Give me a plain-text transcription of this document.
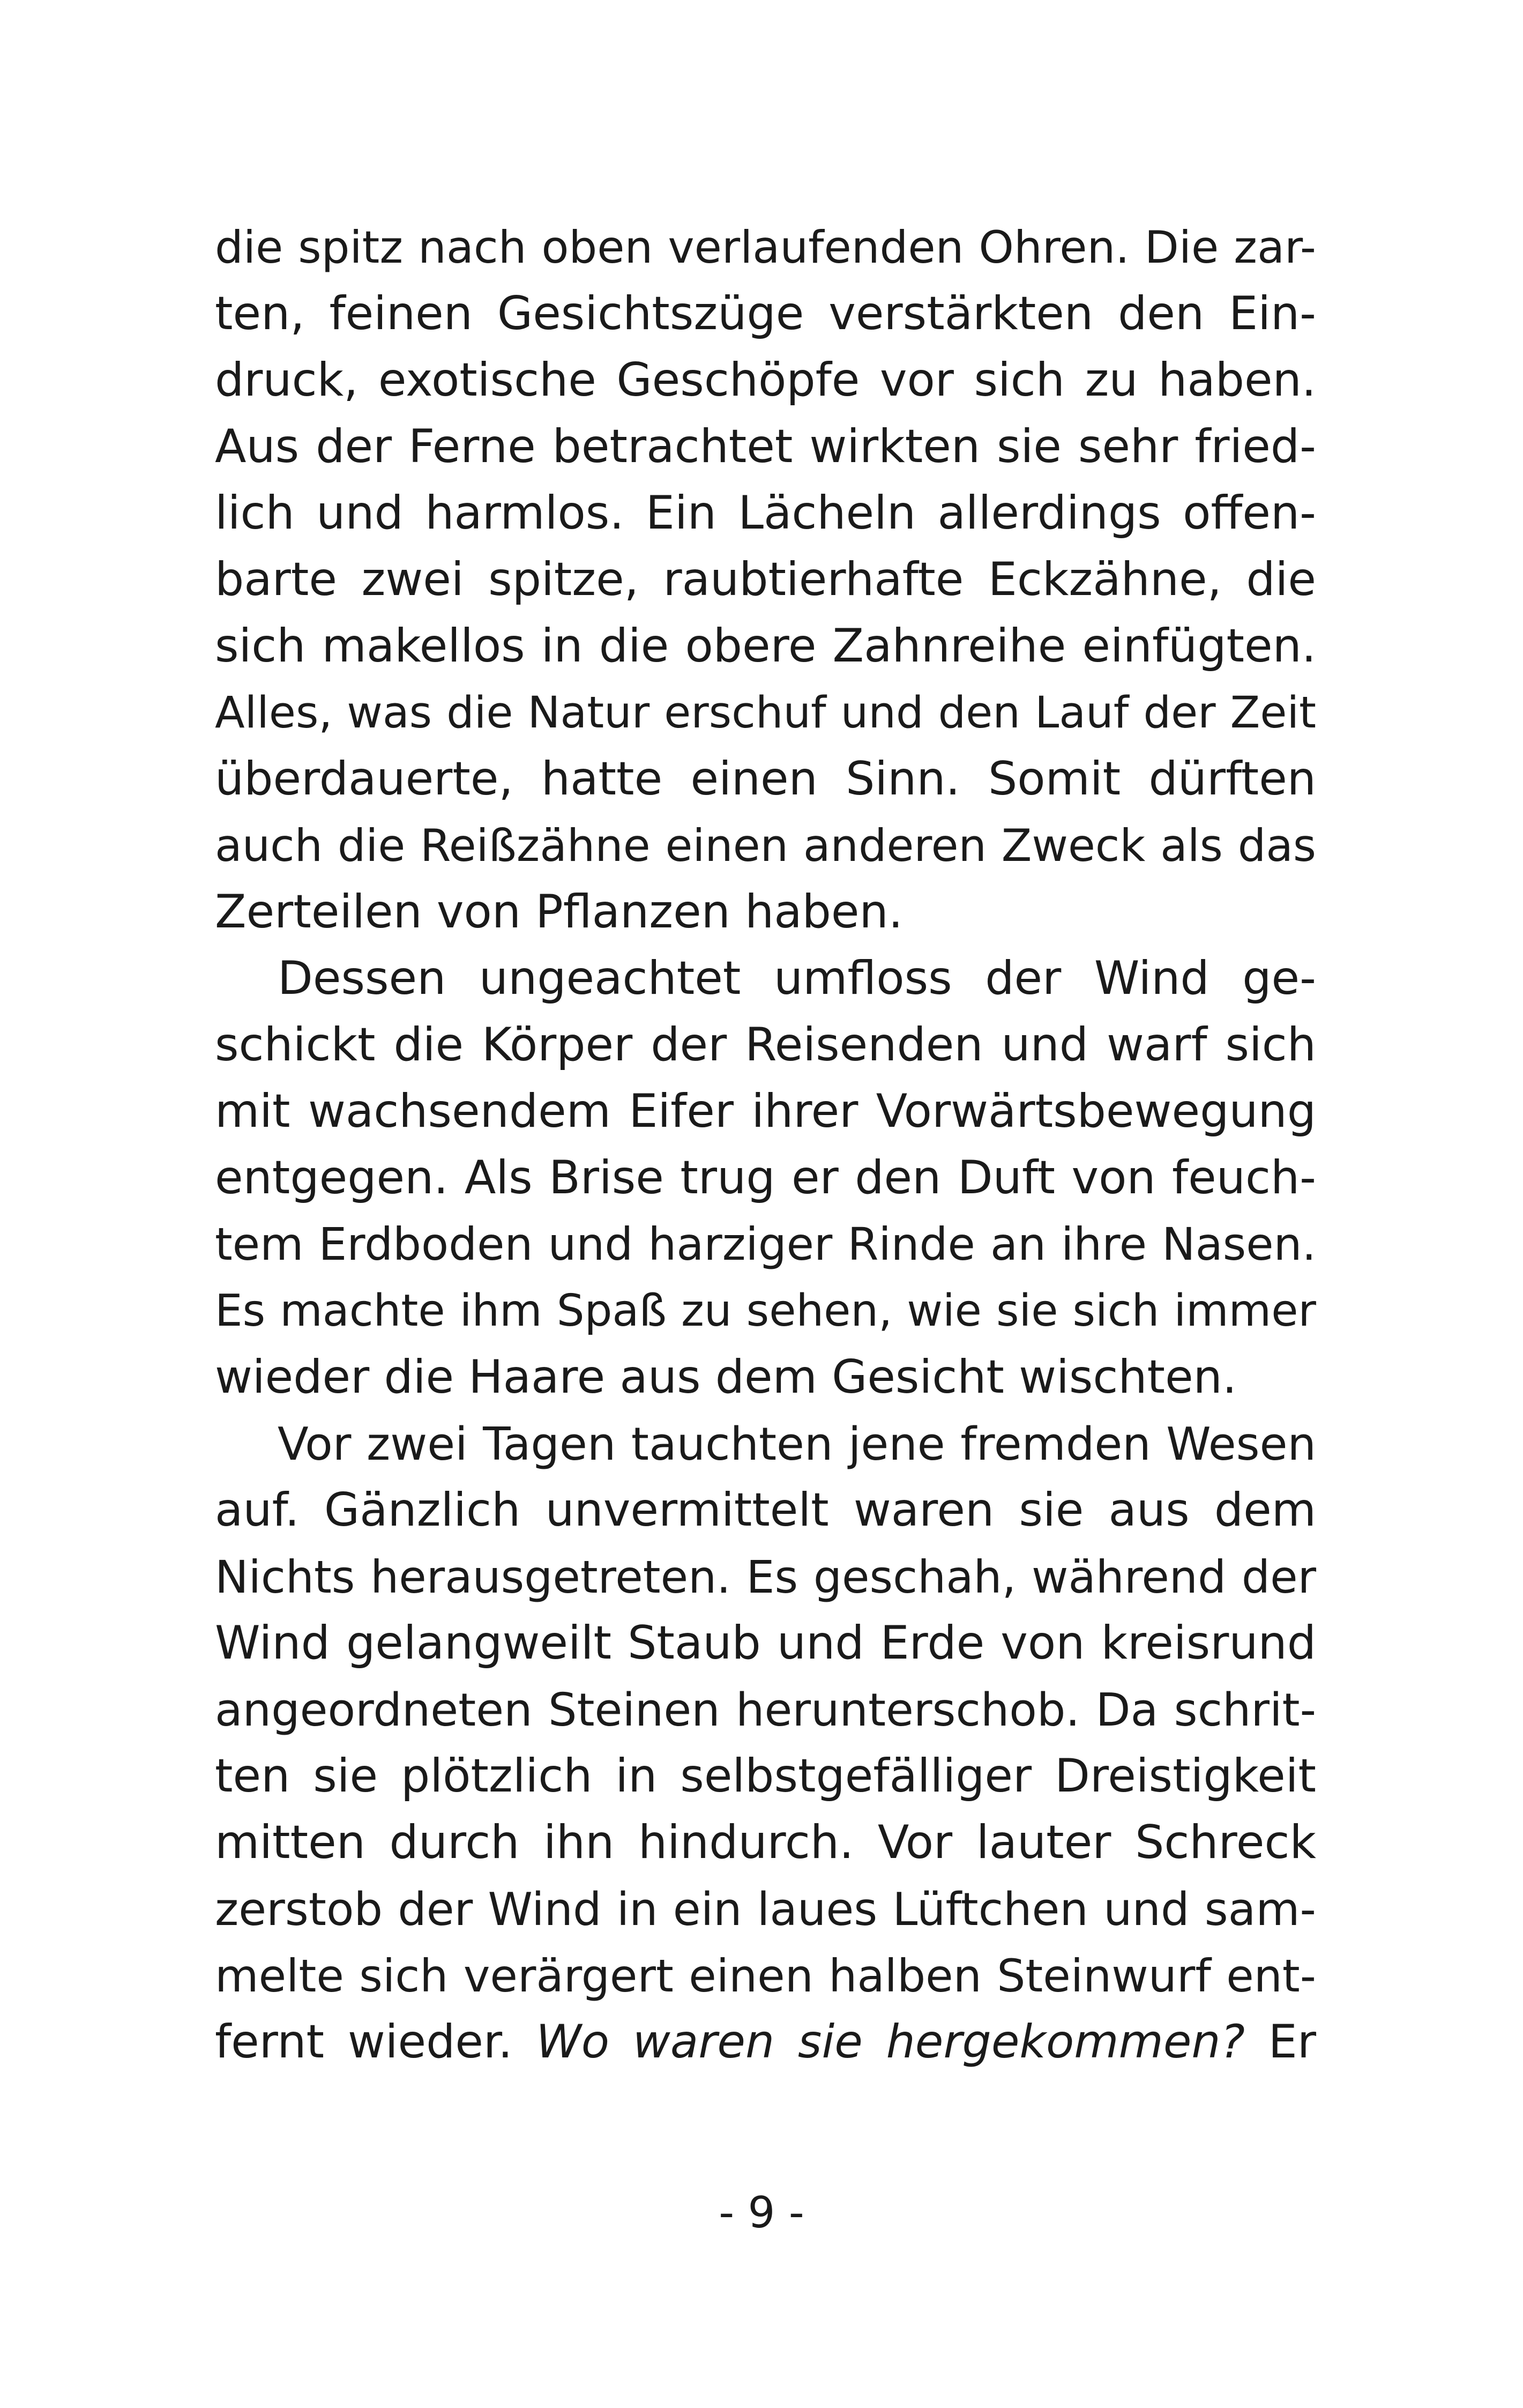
die spitz nach oben verlaufenden Ohren. Die zar-
ten, feinen Gesichtszüge verstärkten den Ein-
druck, exotische Geschöpfe vor sich zu haben.
Aus der Ferne betrachtet wirkten sie sehr fried-
lich und harmlos. Ein Lächeln allerdings offen-
barte zwei spitze, raubtierhafte Eckzähne, die
sich makellos in die obere Zahnreihe einfügten.
Alles, was die Natur erschuf und den Lauf der Zeit
überdauerte, hatte einen Sinn. Somit dürften
auch die Reißzähne einen anderen Zweck als das
Zerteilen von Pflanzen haben.
Dessen ungeachtet umfloss der Wind ge-
schickt die Körper der Reisenden und warf sich
mit wachsendem Eifer ihrer Vorwärtsbewegung
entgegen. Als Brise trug er den Duft von feuch-
tem Erdboden und harziger Rinde an ihre Nasen.
Es machte ihm Spaß zu sehen, wie sie sich immer
wieder die Haare aus dem Gesicht wischten.
Vor zwei Tagen tauchten jene fremden Wesen
auf. Gänzlich unvermittelt waren sie aus dem
Nichts herausgetreten. Es geschah, während der
Wind gelangweilt Staub und Erde von kreisrund
angeordneten Steinen herunterschob. Da schrit-
ten sie plötzlich in selbstgefälliger Dreistigkeit
mitten durch ihn hindurch. Vor lauter Schreck
zerstob der Wind in ein laues Lüftchen und sam-
melte sich verärgert einen halben Steinwurf ent-
fernt wieder. Wo waren sie hergekommen? Er
- 9 -
